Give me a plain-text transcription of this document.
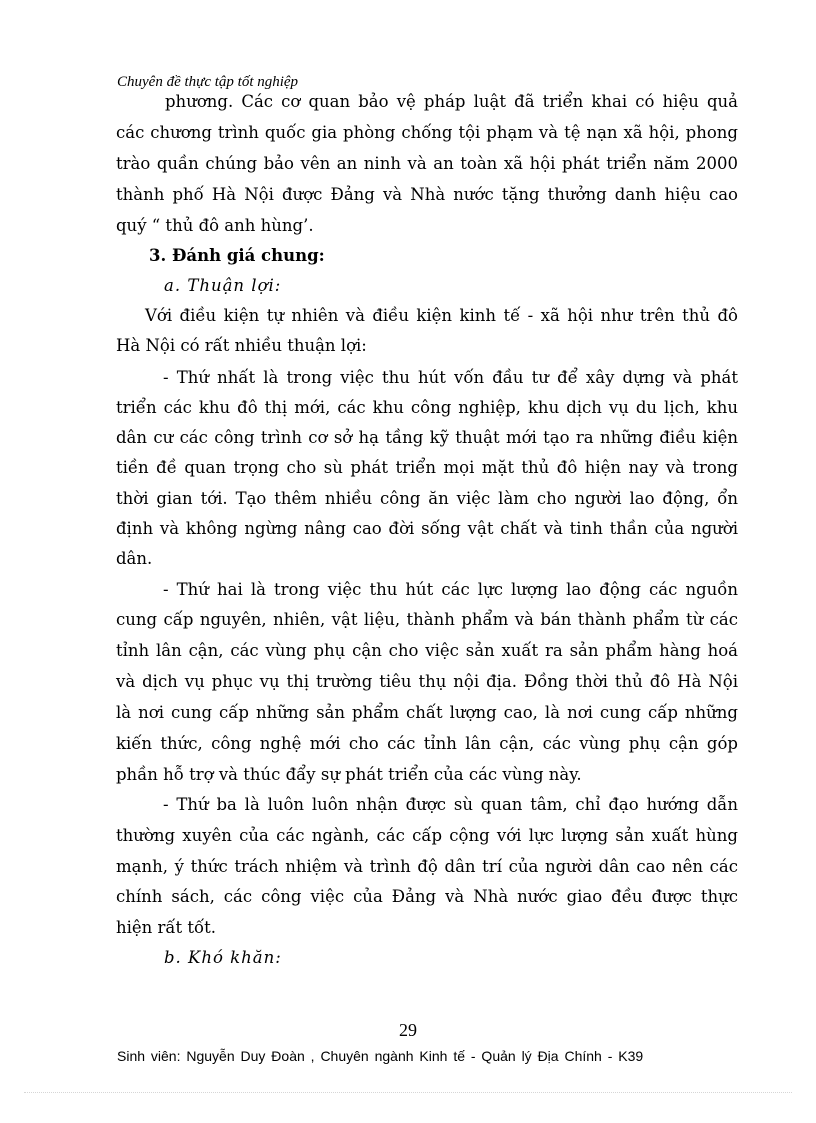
Chuyên đề thực tập tốt nghiệp
phương. Các cơ quan bảo vệ pháp luật đã triển khai có hiệu quả
các chương trình quốc gia phòng chống tội phạm và tệ nạn xã hội, phong
trào quần chúng bảo vên an ninh và an toàn xã hội phát triển năm 2000
thành phố Hà Nội được Đảng và Nhà nước tặng thưởng danh hiệu cao
quý “ thủ đô anh hùng’.
3. Đánh giá chung:
a. Thuận lợi:
Với điều kiện tự nhiên và điều kiện kinh tế - xã hội như trên thủ đô
Hà Nội có rất nhiều thuận lợi:
- Thứ nhất là trong việc thu hút vốn đầu tư để xây dựng và phát
triển các khu đô thị mới, các khu công nghiệp, khu dịch vụ du lịch, khu
dân cư các công trình cơ sở hạ tầng kỹ thuật mới tạo ra những điều kiện
tiền đề quan trọng cho sù phát triển mọi mặt thủ đô hiện nay và trong
thời gian tới. Tạo thêm nhiều công ăn việc làm cho người lao động, ổn
định và không ngừng nâng cao đời sống vật chất và tinh thần của người
dân.
- Thứ hai là trong việc thu hút các lực lượng lao động các nguồn
cung cấp nguyên, nhiên, vật liệu, thành phẩm và bán thành phẩm từ các
tỉnh lân cận, các vùng phụ cận cho việc sản xuất ra sản phẩm hàng hoá
và dịch vụ phục vụ thị trường tiêu thụ nội địa. Đồng thời thủ đô Hà Nội
là nơi cung cấp những sản phẩm chất lượng cao, là nơi cung cấp những
kiến thức, công nghệ mới cho các tỉnh lân cận, các vùng phụ cận góp
phần hỗ trợ và thúc đẩy sự phát triển của các vùng này.
- Thứ ba là luôn luôn nhận được sù quan tâm, chỉ đạo hướng dẫn
thường xuyên của các ngành, các cấp cộng với lực lượng sản xuất hùng
mạnh, ý thức trách nhiệm và trình độ dân trí của người dân cao nên các
chính sách, các công việc của Đảng và Nhà nước giao đều được thực
hiện rất tốt.
b. Khó khăn:
29
Sinh viên: Nguyễn Duy Đoàn , Chuyên ngành Kinh tế - Quản lý Địa Chính - K39
